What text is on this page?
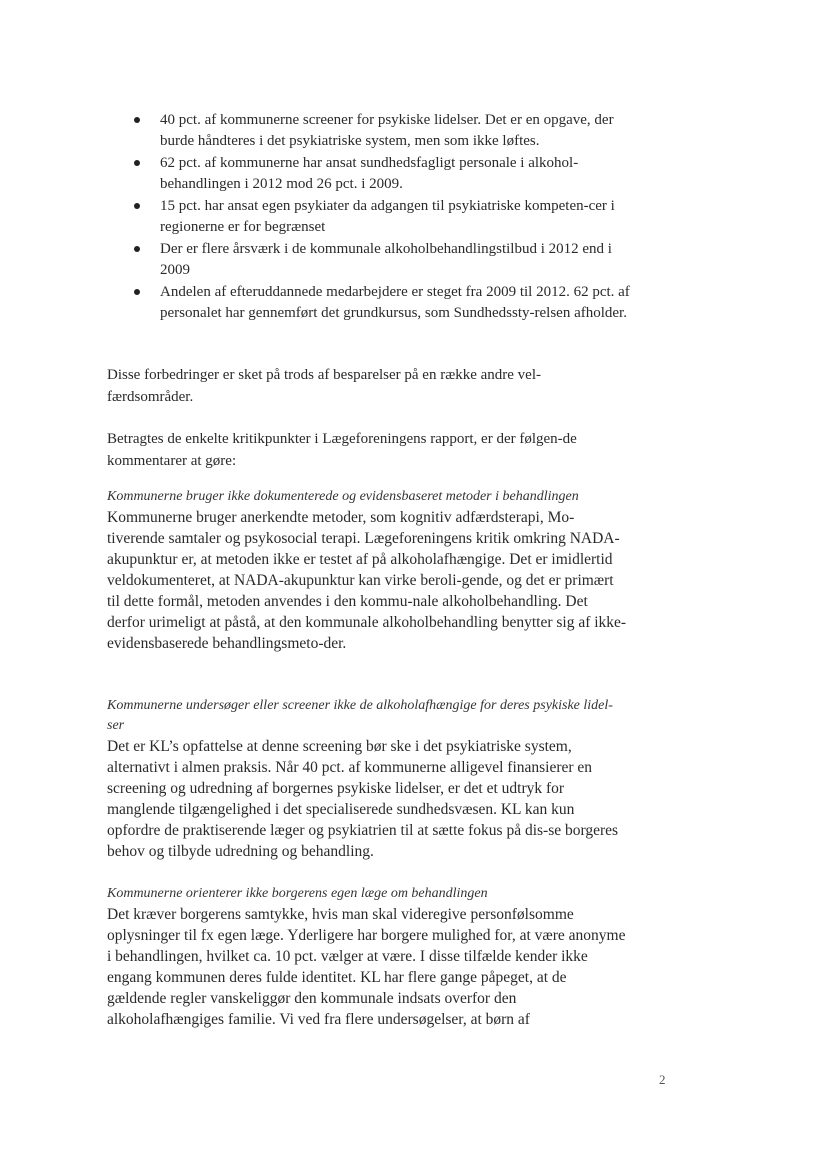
40 pct. af kommunerne screener for psykiske lidelser. Det er en opgave, der burde håndteres i det psykiatriske system, men som ikke løftes.
62 pct. af kommunerne har ansat sundhedsfagligt personale i alkohol-behandlingen i 2012 mod 26 pct. i 2009.
15 pct. har ansat egen psykiater da adgangen til psykiatriske kompeten-cer i regionerne er for begrænset
Der er flere årsværk i de kommunale alkoholbehandlingstilbud i 2012 end i 2009
Andelen af efteruddannede medarbejdere er steget fra 2009 til 2012. 62 pct. af personalet har gennemført det grundkursus, som Sundhedssty-relsen afholder.

Disse forbedringer er sket på trods af besparelser på en række andre vel-færdsområder.

Betragtes de enkelte kritikpunkter i Lægeforeningens rapport, er der følgen-de kommentarer at gøre:

Kommunerne bruger ikke dokumenterede og evidensbaseret metoder i behandlingen

Kommunerne bruger anerkendte metoder, som kognitiv adfærdsterapi, Mo-tiverende samtaler og psykosocial terapi. Lægeforeningens kritik omkring NADA-akupunktur er, at metoden ikke er testet af på alkoholafhængige. Det er imidlertid veldokumenteret, at NADA-akupunktur kan virke beroli-gende, og det er primært til dette formål, metoden anvendes i den kommu-nale alkoholbehandling. Det derfor urimeligt at påstå, at den kommunale alkoholbehandling benytter sig af ikke-evidensbaserede behandlingsmeto-der.

Kommunerne undersøger eller screener ikke de alkoholafhængige for deres psykiske lidel-ser

Det er KL’s opfattelse at denne screening bør ske i det psykiatriske system, alternativt i almen praksis. Når 40 pct. af kommunerne alligevel finansierer en screening og udredning af borgernes psykiske lidelser, er det et udtryk for manglende tilgængelighed i det specialiserede sundhedsvæsen. KL kan kun opfordre de praktiserende læger og psykiatrien til at sætte fokus på dis-se borgeres behov og tilbyde udredning og behandling.

Kommunerne orienterer ikke borgerens egen læge om behandlingen

Det kræver borgerens samtykke, hvis man skal videregive personfølsomme oplysninger til fx egen læge. Yderligere har borgere mulighed for, at være anonyme i behandlingen, hvilket ca. 10 pct. vælger at være. I disse tilfælde kender ikke engang kommunen deres fulde identitet. KL har flere gange påpeget, at de gældende regler vanskeliggør den kommunale indsats overfor den alkoholafhængiges familie. Vi ved fra flere undersøgelser, at børn af

2
